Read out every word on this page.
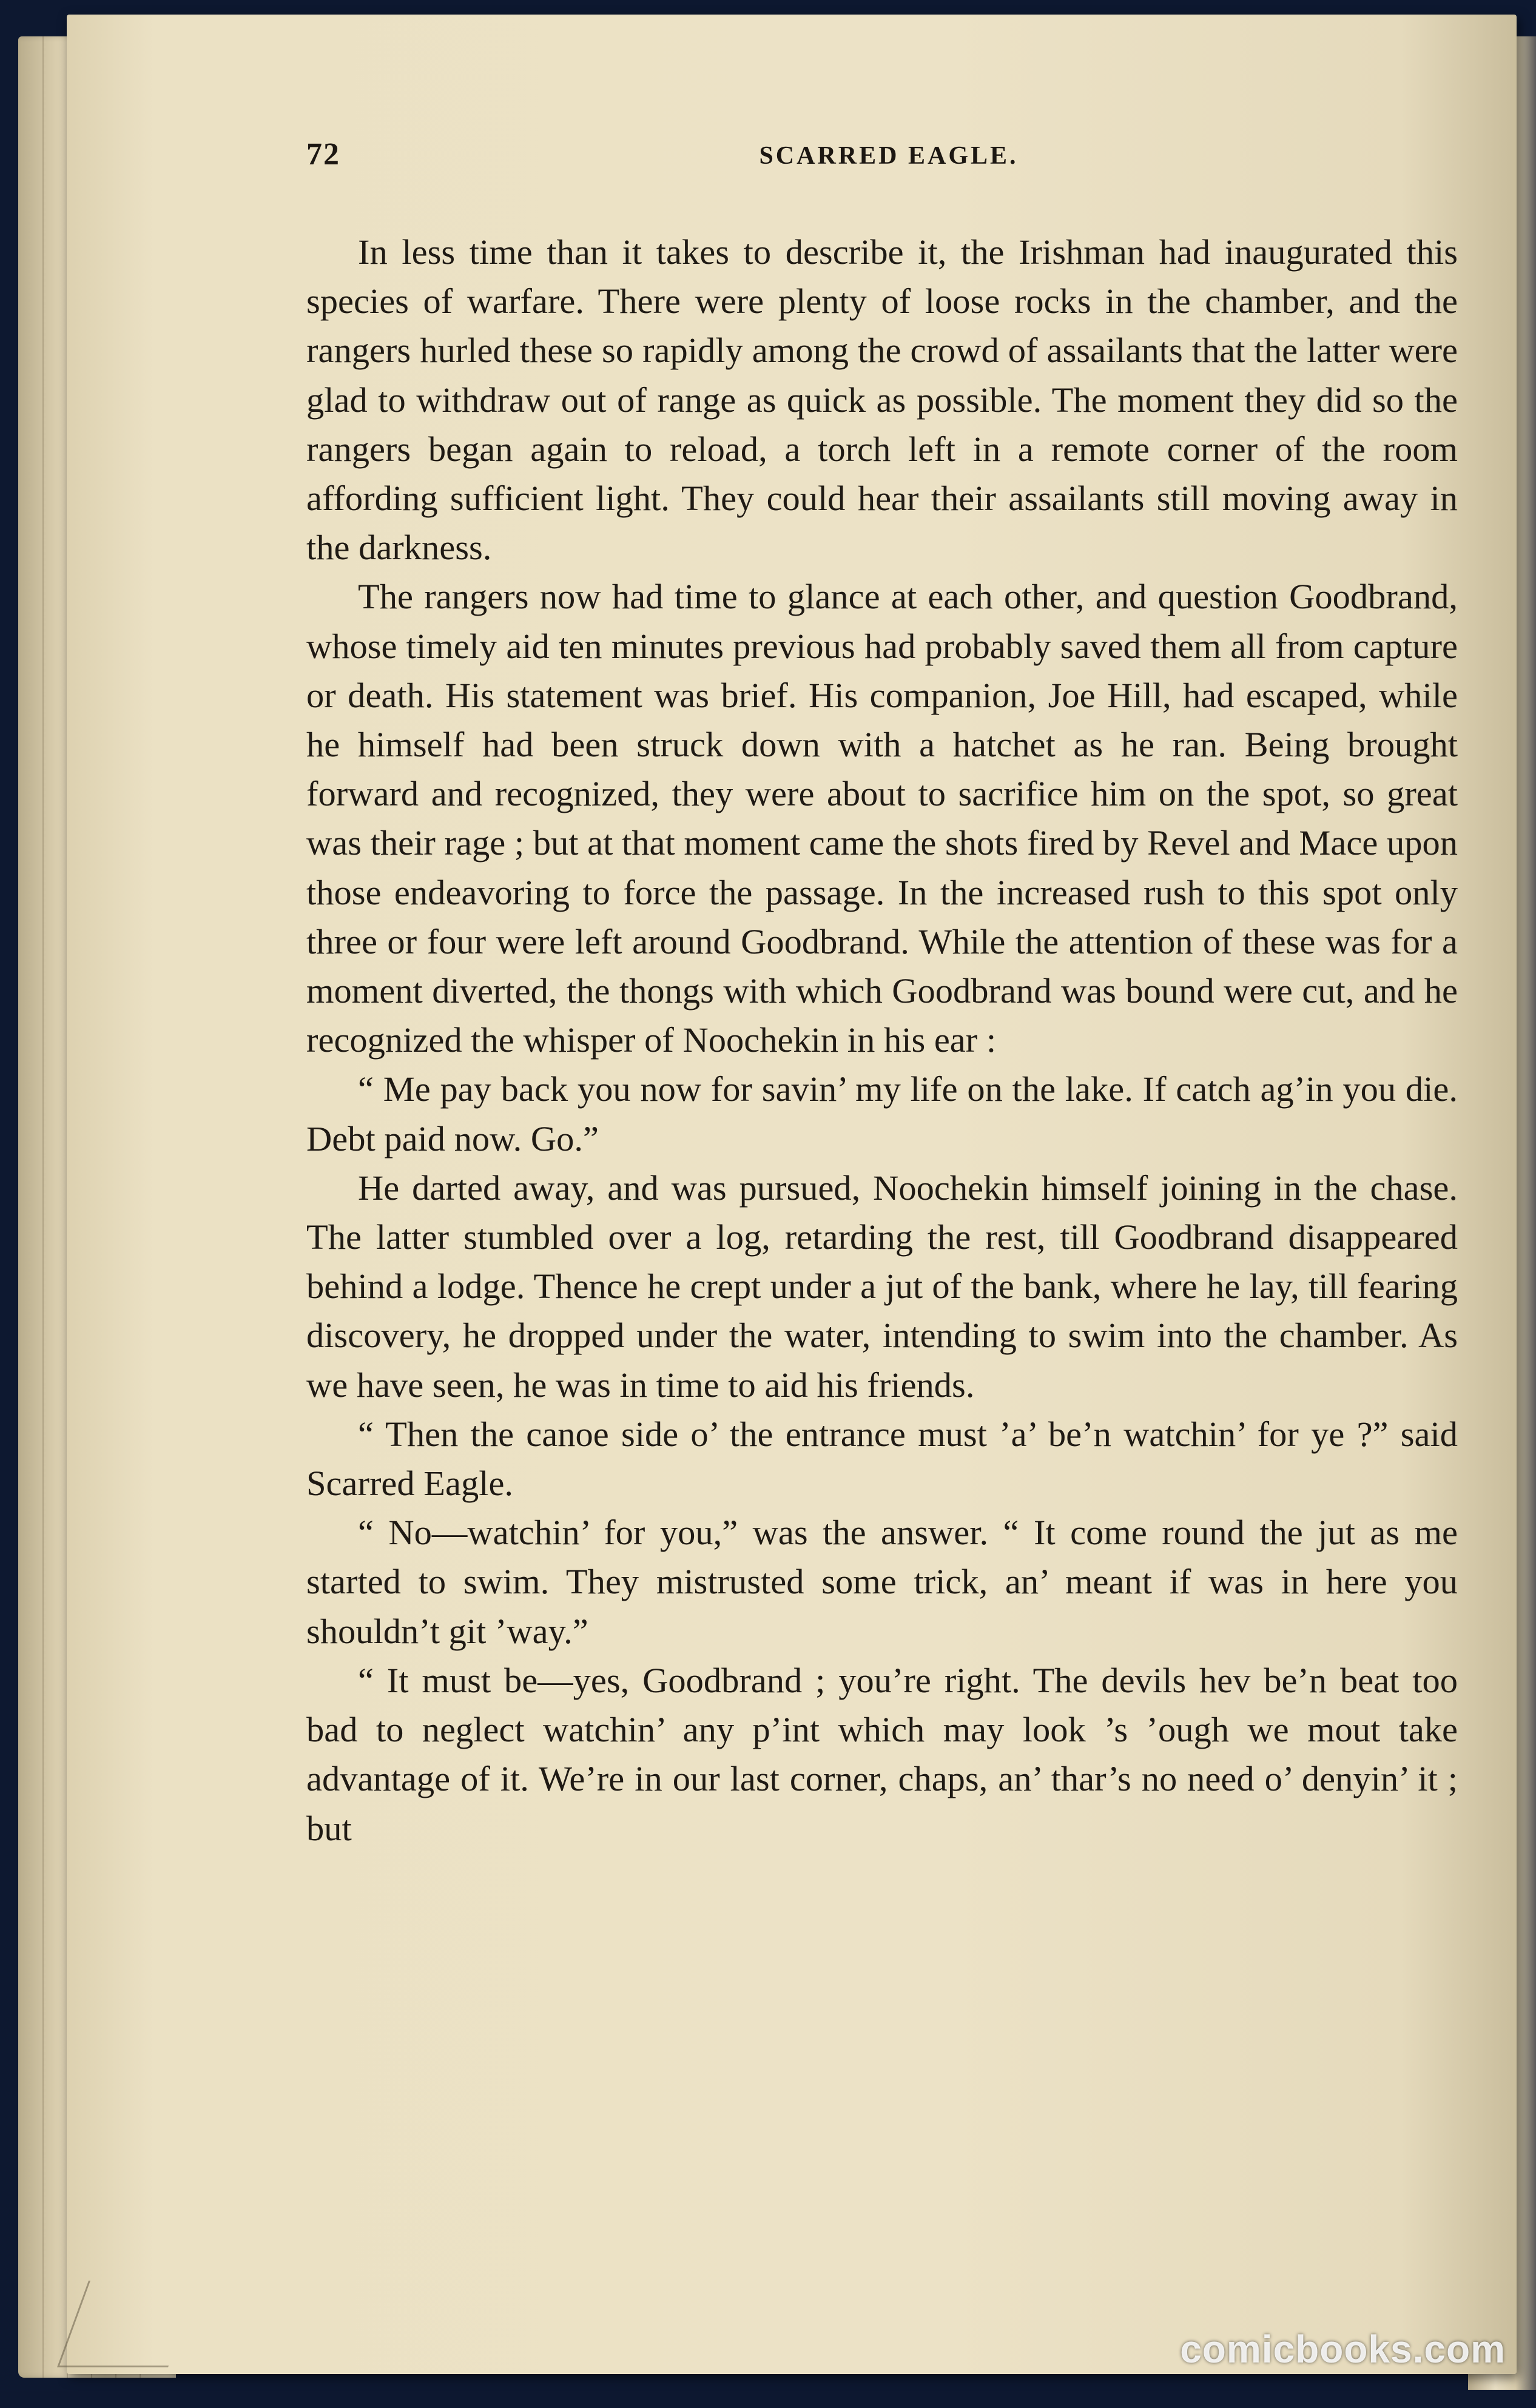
72	SCARRED EAGLE.

In less time than it takes to describe it, the Irishman had inaugurated this species of warfare. There were plenty of loose rocks in the chamber, and the rangers hurled these so rapidly among the crowd of assailants that the latter were glad to withdraw out of range as quick as possible. The moment they did so the rangers began again to reload, a torch left in a remote corner of the room affording sufficient light. They could hear their assailants still moving away in the darkness.

The rangers now had time to glance at each other, and question Goodbrand, whose timely aid ten minutes previous had probably saved them all from capture or death. His statement was brief. His companion, Joe Hill, had escaped, while he himself had been struck down with a hatchet as he ran. Being brought forward and recognized, they were about to sacrifice him on the spot, so great was their rage ; but at that moment came the shots fired by Revel and Mace upon those endeavoring to force the passage. In the increased rush to this spot only three or four were left around Goodbrand. While the attention of these was for a moment diverted, the thongs with which Goodbrand was bound were cut, and he recognized the whisper of Noochekin in his ear :

“ Me pay back you now for savin’ my life on the lake. If catch ag’in you die. Debt paid now. Go.”

He darted away, and was pursued, Noochekin himself joining in the chase. The latter stumbled over a log, retarding the rest, till Goodbrand disappeared behind a lodge. Thence he crept under a jut of the bank, where he lay, till fearing discovery, he dropped under the water, intending to swim into the chamber. As we have seen, he was in time to aid his friends.

“ Then the canoe side o’ the entrance must ’a’ be’n watchin’ for ye ?” said Scarred Eagle.

“ No—watchin’ for you,” was the answer. “ It come round the jut as me started to swim. They mistrusted some trick, an’ meant if was in here you shouldn’t git ’way.”

“ It must be—yes, Goodbrand ; you’re right. The devils hev be’n beat too bad to neglect watchin’ any p’int which may look ’s ’ough we mout take advantage of it. We’re in our last corner, chaps, an’ thar’s no need o’ denyin’ it ; but

comicbooks.com
